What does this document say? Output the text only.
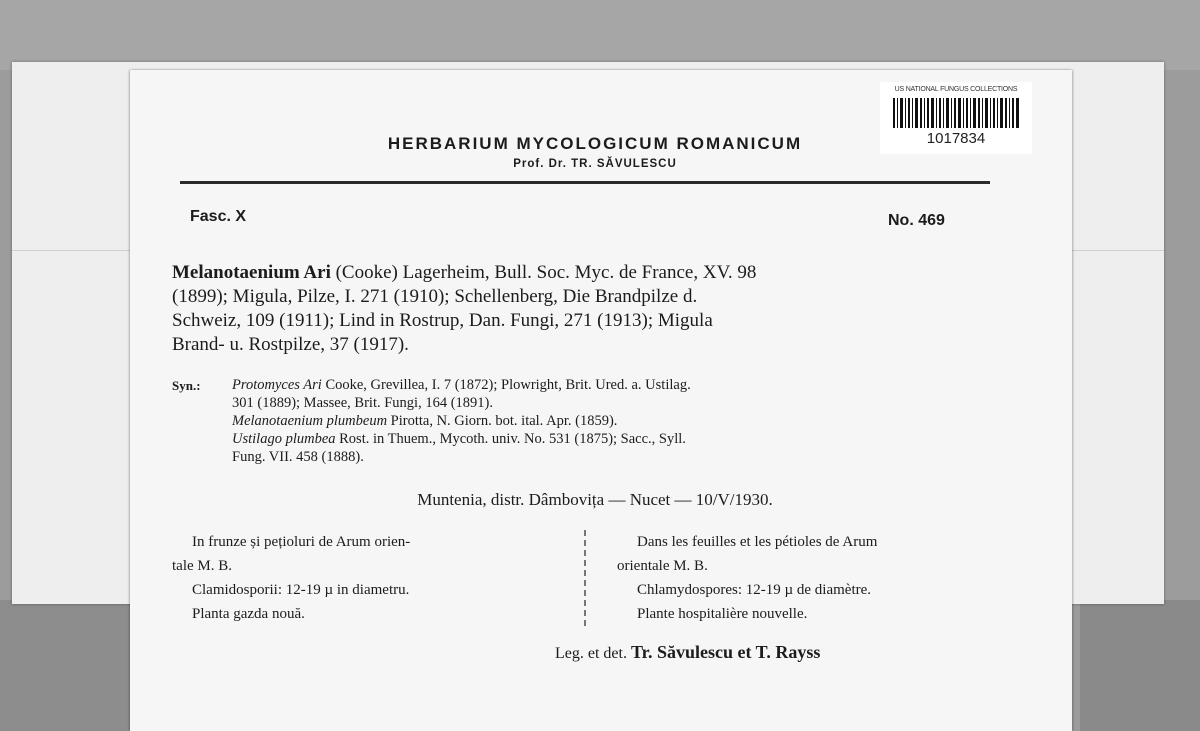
US NATIONAL FUNGUS COLLECTIONS
1017834
HERBARIUM MYCOLOGICUM ROMANICUM
Prof. Dr. TR. SĂVULESCU
Fasc. X	No. 469
Melanotaenium Ari (Cooke) Lagerheim, Bull. Soc. Myc. de France, XV. 98
(1899); Migula, Pilze, I. 271 (1910); Schellenberg, Die Brandpilze d.
Schweiz, 109 (1911); Lind in Rostrup, Dan. Fungi, 271 (1913); Migula
Brand- u. Rostpilze, 37 (1917).
Syn.: Protomyces Ari Cooke, Grevillea, I. 7 (1872); Plowright, Brit. Ured. a. Ustilag.
301 (1889); Massee, Brit. Fungi, 164 (1891).
Melanotaenium plumbeum Pirotta, N. Giorn. bot. ital. Apr. (1859).
Ustilago plumbea Rost. in Thuem., Mycoth. univ. No. 531 (1875); Sacc., Syll.
Fung. VII. 458 (1888).
Muntenia, distr. Dâmbovița — Nucet — 10/V/1930.
In frunze și pețioluri de Arum orien-
tale M. B.
Clamidosporii: 12-19 µ in diametru.
Planta gazda nouă.
Dans les feuilles et les pétioles de Arum
orientale M. B.
Chlamydospores: 12-19 µ de diamètre.
Plante hospitalière nouvelle.
Leg. et det. Tr. Săvulescu et T. Rayss
